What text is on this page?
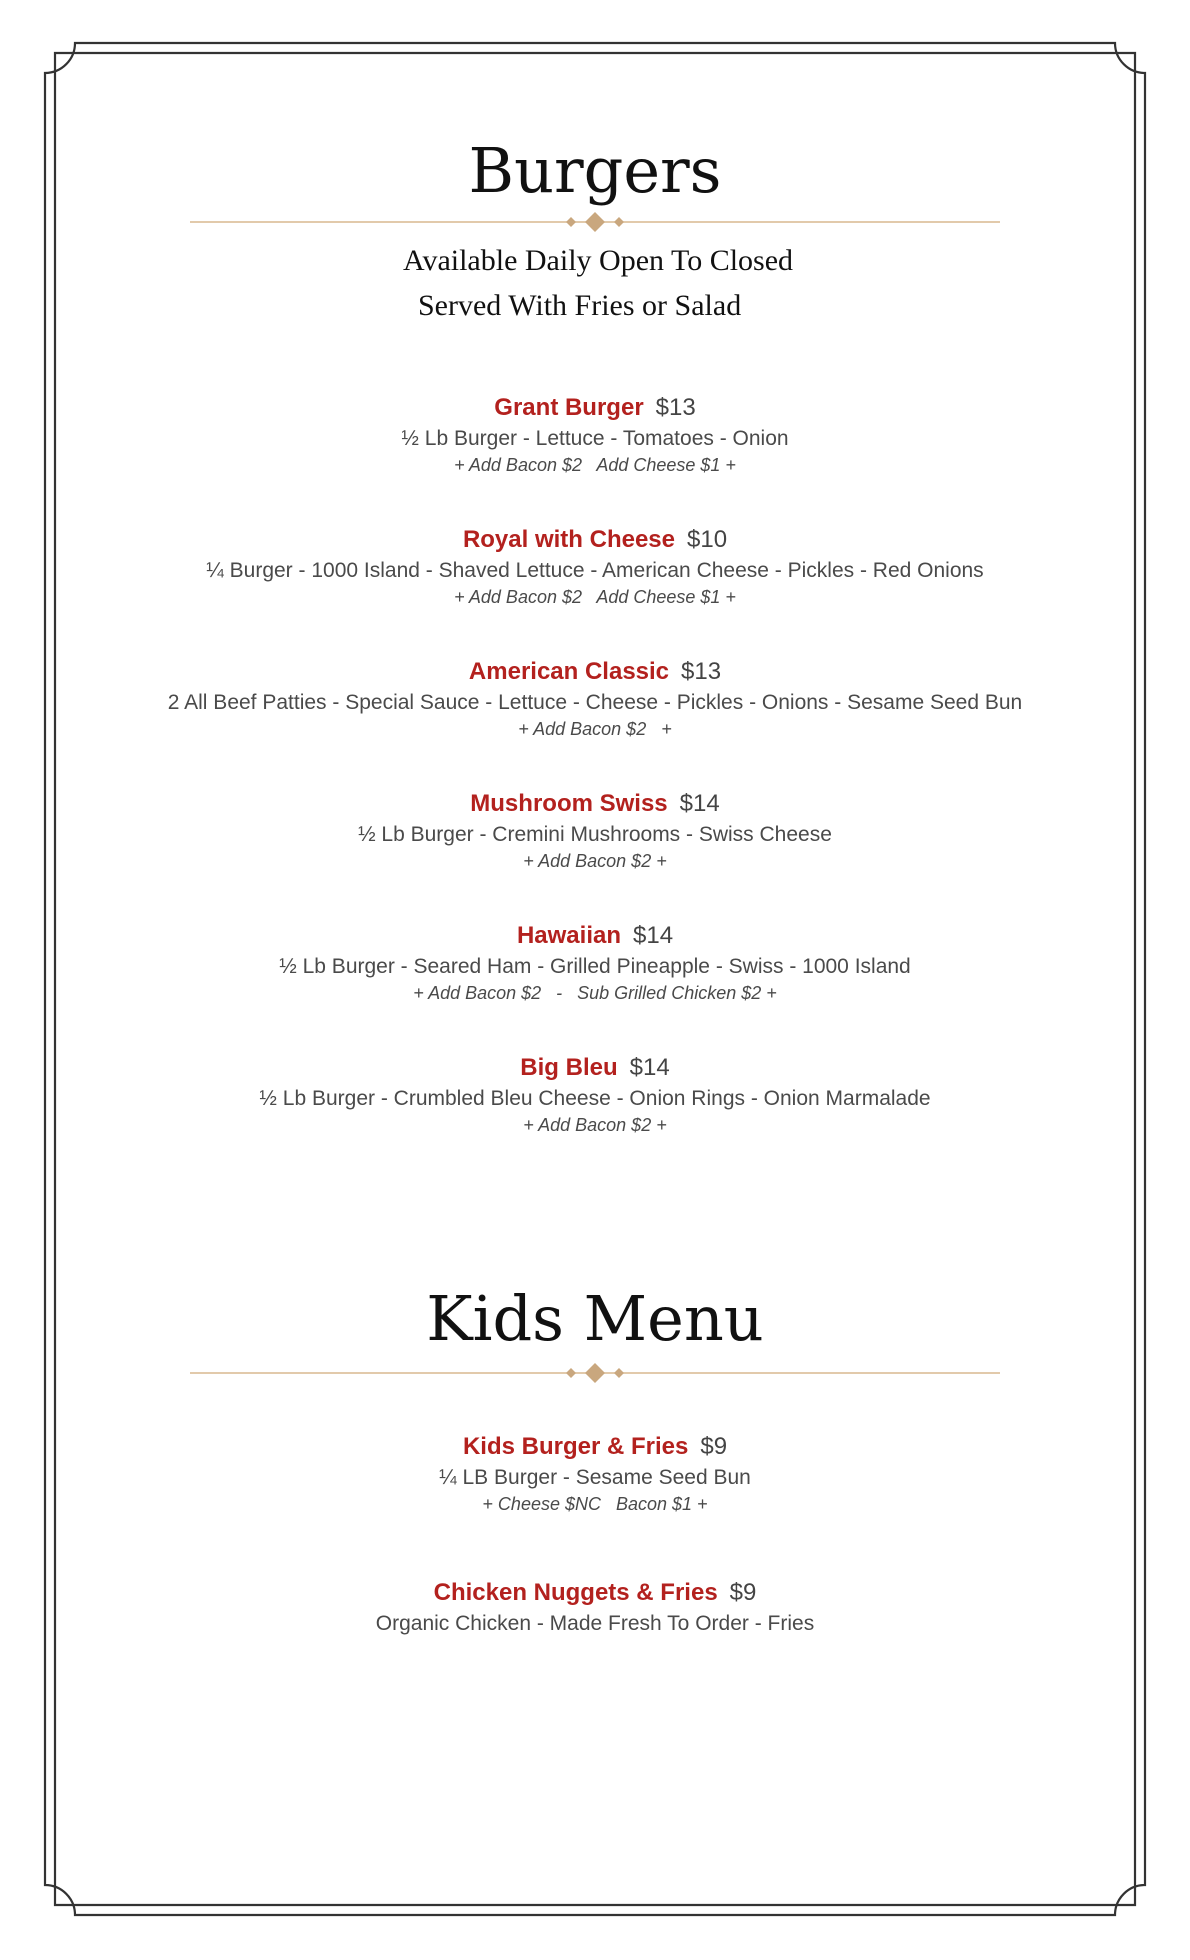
Burgers
Available Daily Open To Closed
Served With Fries or Salad
Grant Burger $13
½ Lb Burger - Lettuce - Tomatoes - Onion
+ Add Bacon $2   Add Cheese $1 +
Royal with Cheese $10
¼ Burger - 1000 Island - Shaved Lettuce - American Cheese - Pickles - Red Onions
+ Add Bacon $2   Add Cheese $1 +
American Classic $13
2 All Beef Patties - Special Sauce - Lettuce - Cheese - Pickles - Onions - Sesame Seed Bun
+ Add Bacon $2   +
Mushroom Swiss $14
½ Lb Burger - Cremini Mushrooms - Swiss Cheese
+ Add Bacon $2 +
Hawaiian $14
½ Lb Burger - Seared Ham - Grilled Pineapple - Swiss - 1000 Island
+ Add Bacon $2   -   Sub Grilled Chicken $2 +
Big Bleu $14
½ Lb Burger - Crumbled Bleu Cheese - Onion Rings - Onion Marmalade
+ Add Bacon $2 +
Kids Menu
Kids Burger & Fries $9
¼ LB Burger - Sesame Seed Bun
+ Cheese $NC   Bacon $1 +
Chicken Nuggets & Fries $9
Organic Chicken - Made Fresh To Order - Fries
